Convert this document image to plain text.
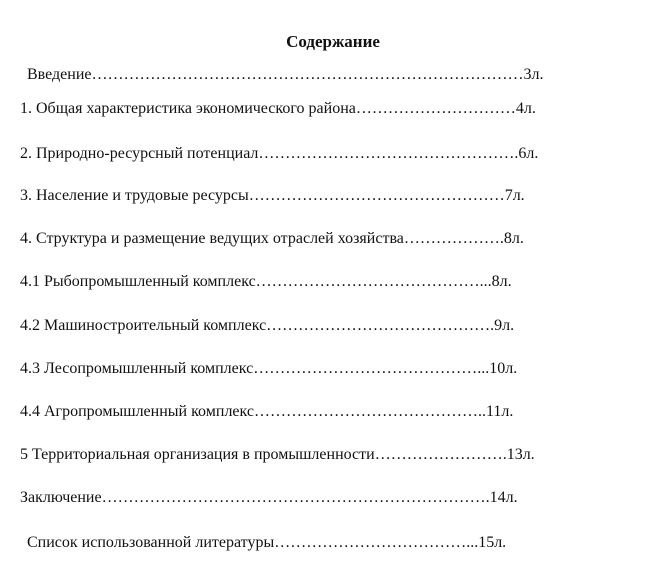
Содержание
Введение………………………………………………………………………3л.
1. Общая характеристика экономического района…………………………4л.
2. Природно-ресурсный потенциал………………………………………….6л.
3. Население и трудовые ресурсы…………………………………………7л.
4. Структура и размещение ведущих отраслей хозяйства……………….8л.
4.1 Рыбопромышленный комплекс……………………………………...8л.
4.2 Машиностроительный комплекс…………………………………….9л.
4.3 Лесопромышленный комплекс……………………………………...10л.
4.4 Агропромышленный комплекс……………………………………..11л.
5 Территориальная организация в промышленности…………………….13л.
Заключение……………………………………………………………….14л.
Список использованной литературы………………………………...15л.
